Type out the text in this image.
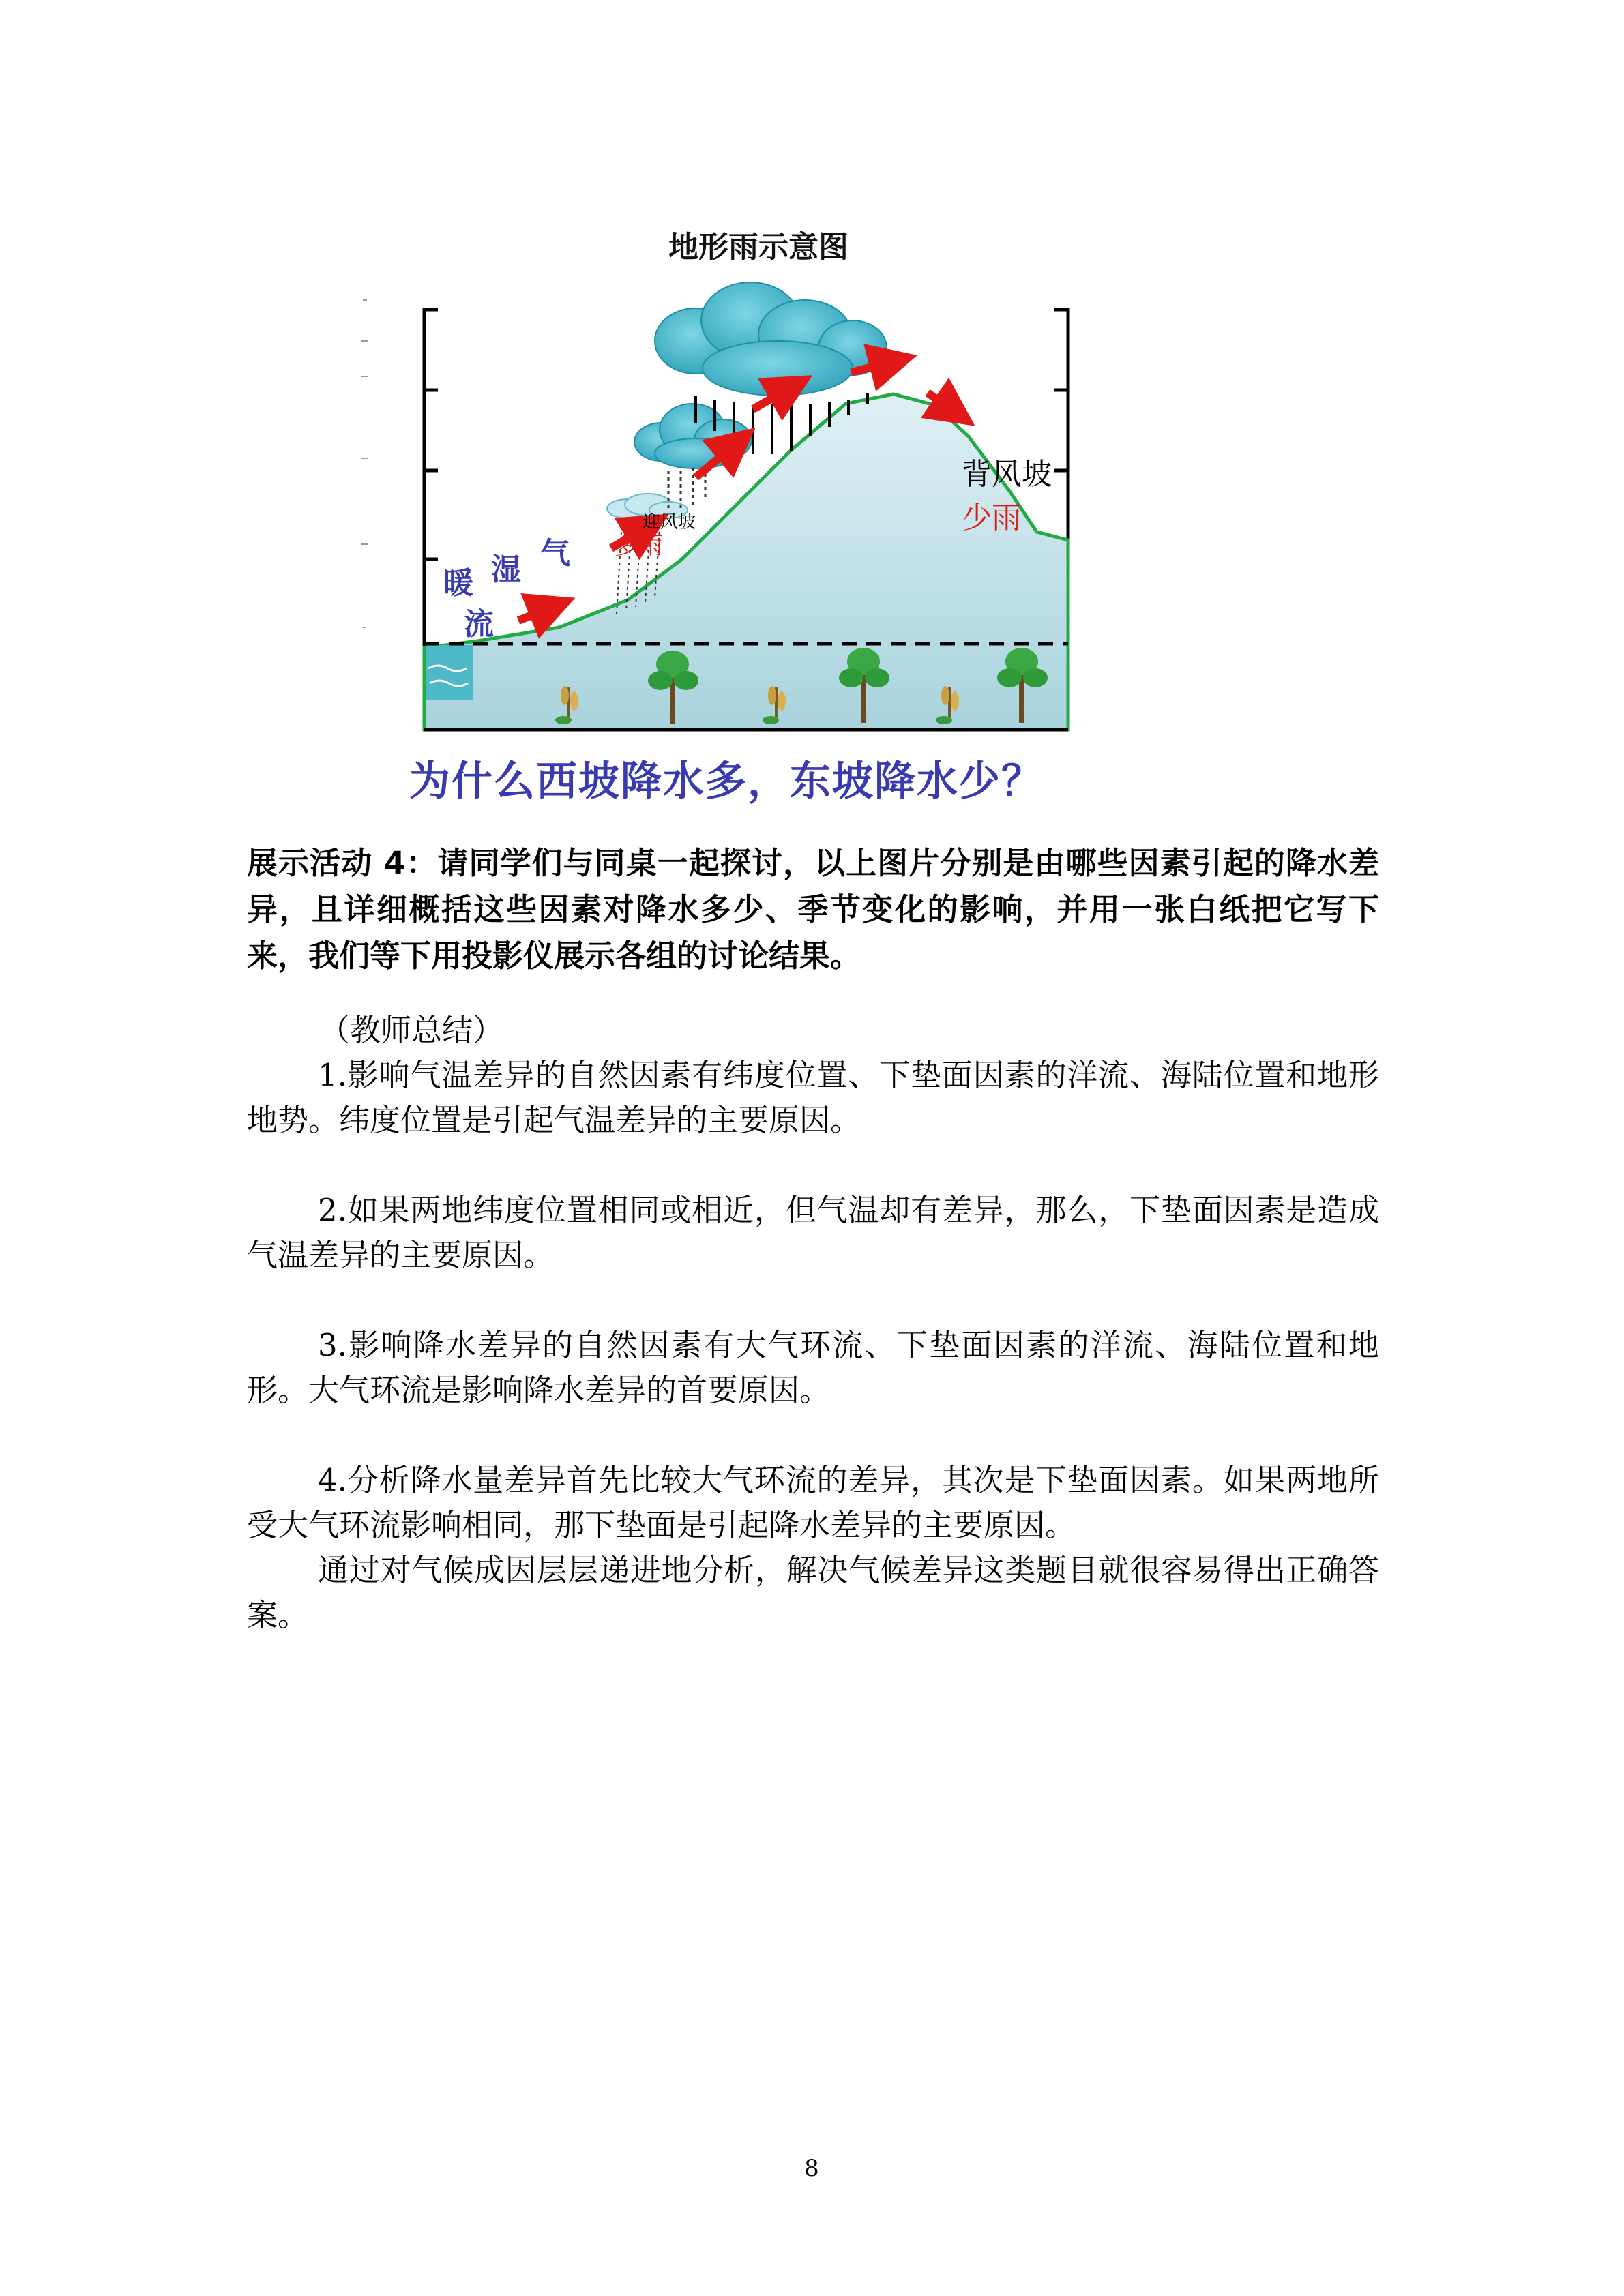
地形雨示意图
暖 湿 气
流
迎风坡
多雨
背风坡
少雨
为什么西坡降水多，东坡降水少？

展示活动 4：请同学们与同桌一起探讨，以上图片分别是由哪些因素引起的降水差异，且详细概括这些因素对降水多少、季节变化的影响，并用一张白纸把它写下来，我们等下用投影仪展示各组的讨论结果。

（教师总结）

1.影响气温差异的自然因素有纬度位置、下垫面因素的洋流、海陆位置和地形地势。纬度位置是引起气温差异的主要原因。

2.如果两地纬度位置相同或相近，但气温却有差异，那么，下垫面因素是造成气温差异的主要原因。

3.影响降水差异的自然因素有大气环流、下垫面因素的洋流、海陆位置和地形。大气环流是影响降水差异的首要原因。

4.分析降水量差异首先比较大气环流的差异，其次是下垫面因素。如果两地所受大气环流影响相同，那下垫面是引起降水差异的主要原因。

通过对气候成因层层递进地分析，解决气候差异这类题目就很容易得出正确答案。

8
